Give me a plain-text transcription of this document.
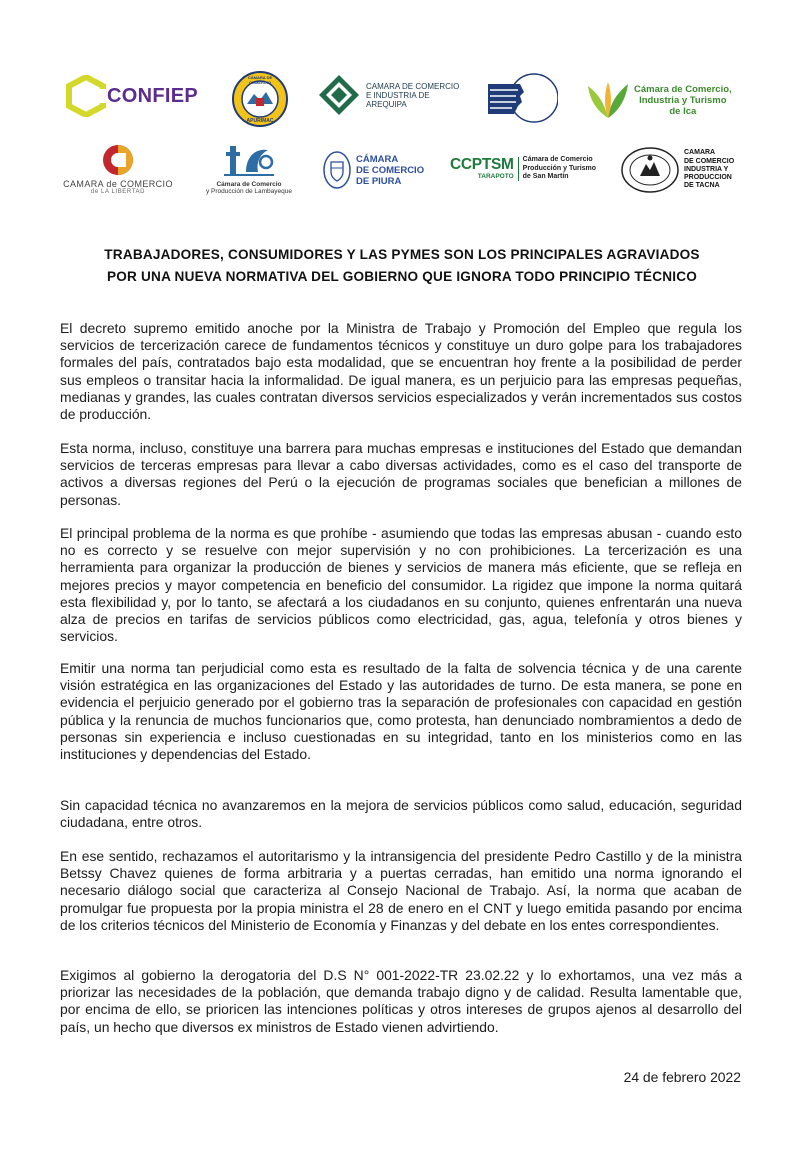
CONFIEP
CÁMARA DE COMERCIO
APURIMAC
CAMARA DE COMERCIO
E INDUSTRIA DE
AREQUIPA
Cámara de Comercio,
Industria y Turismo
de Ica
CAMARA de COMERCIO
de LA LIBERTAD
Cámara de Comercio
y Producción de Lambayeque
CÁMARA
DE COMERCIO
DE PIURA
CCPTSM
TARAPOTO
Cámara de Comercio
Producción y Turismo
de San Martín
CAMARA
DE COMERCIO
INDUSTRIA Y
PRODUCCION
DE TACNA
TRABAJADORES, CONSUMIDORES Y LAS PYMES SON LOS PRINCIPALES AGRAVIADOS
POR UNA NUEVA NORMATIVA DEL GOBIERNO QUE IGNORA TODO PRINCIPIO TÉCNICO

El decreto supremo emitido anoche por la Ministra de Trabajo y Promoción del Empleo que regula los servicios de tercerización carece de fundamentos técnicos y constituye un duro golpe para los trabajadores formales del país, contratados bajo esta modalidad, que se encuentran hoy frente a la posibilidad de perder sus empleos o transitar hacia la informalidad. De igual manera, es un perjuicio para las empresas pequeñas, medianas y grandes, las cuales contratan diversos servicios especializados y verán incrementados sus costos de producción.

Esta norma, incluso, constituye una barrera para muchas empresas e instituciones del Estado que demandan servicios de terceras empresas para llevar a cabo diversas actividades, como es el caso del transporte de activos a diversas regiones del Perú o la ejecución de programas sociales que benefician a millones de personas.

El principal problema de la norma es que prohíbe - asumiendo que todas las empresas abusan - cuando esto no es correcto y se resuelve con mejor supervisión y no con prohibiciones. La tercerización es una herramienta para organizar la producción de bienes y servicios de manera más eficiente, que se refleja en mejores precios y mayor competencia en beneficio del consumidor. La rigidez que impone la norma quitará esta flexibilidad y, por lo tanto, se afectará a los ciudadanos en su conjunto, quienes enfrentarán una nueva alza de precios en tarifas de servicios públicos como electricidad, gas, agua, telefonía y otros bienes y servicios.

Emitir una norma tan perjudicial como esta es resultado de la falta de solvencia técnica y de una carente visión estratégica en las organizaciones del Estado y las autoridades de turno. De esta manera, se pone en evidencia el perjuicio generado por el gobierno tras la separación de profesionales con capacidad en gestión pública y la renuncia de muchos funcionarios que, como protesta, han denunciado nombramientos a dedo de personas sin experiencia e incluso cuestionadas en su integridad, tanto en los ministerios como en las instituciones y dependencias del Estado.

Sin capacidad técnica no avanzaremos en la mejora de servicios públicos como salud, educación, seguridad ciudadana, entre otros.

En ese sentido, rechazamos el autoritarismo y la intransigencia del presidente Pedro Castillo y de la ministra Betssy Chavez quienes de forma arbitraria y a puertas cerradas, han emitido una norma ignorando el necesario diálogo social que caracteriza al Consejo Nacional de Trabajo. Así, la norma que acaban de promulgar fue propuesta por la propia ministra el 28 de enero en el CNT y luego emitida pasando por encima de los criterios técnicos del Ministerio de Economía y Finanzas y del debate en los entes correspondientes.

Exigimos al gobierno la derogatoria del D.S N° 001-2022-TR 23.02.22 y lo exhortamos, una vez más a priorizar las necesidades de la población, que demanda trabajo digno y de calidad. Resulta lamentable que, por encima de ello, se prioricen las intenciones políticas y otros intereses de grupos ajenos al desarrollo del país, un hecho que diversos ex ministros de Estado vienen advirtiendo.

24 de febrero 2022
